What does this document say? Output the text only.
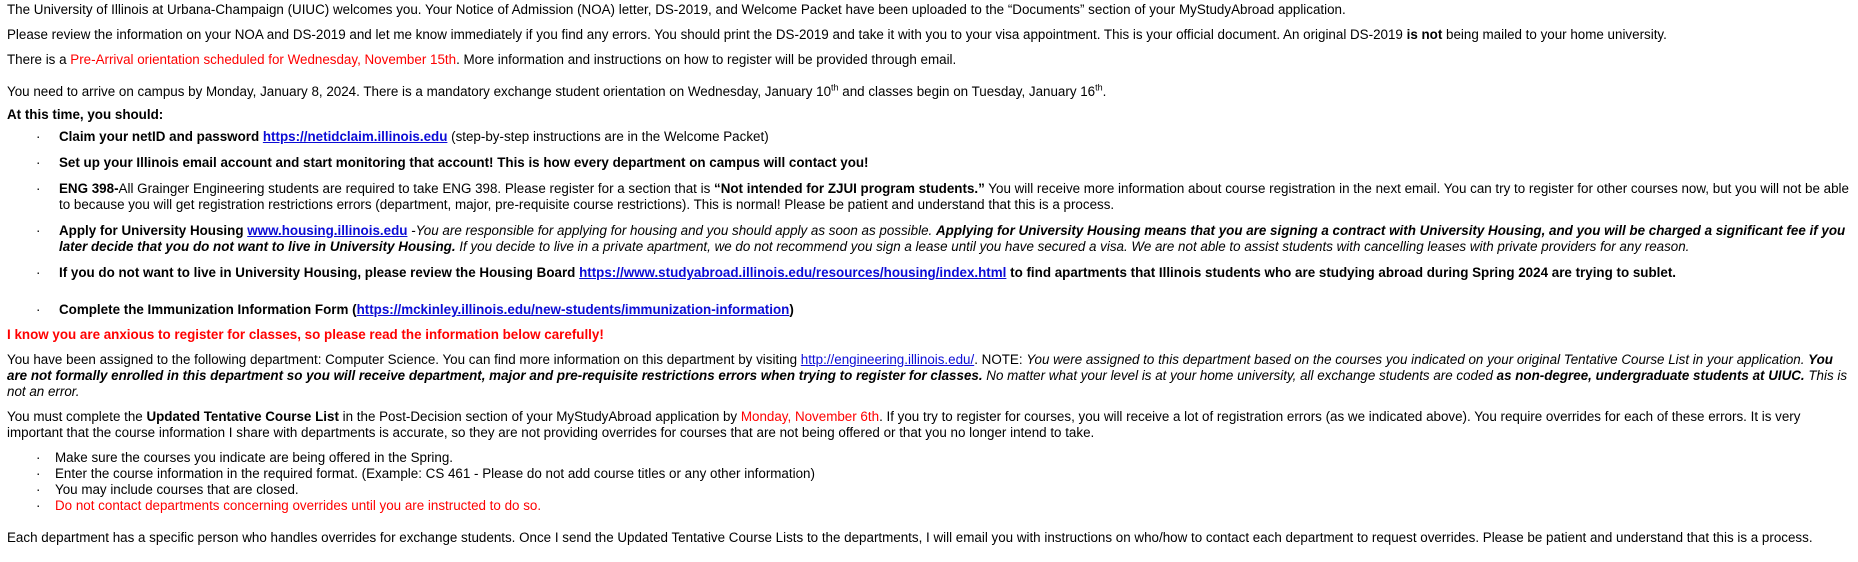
The University of Illinois at Urbana-Champaign (UIUC) welcomes you. Your Notice of Admission (NOA) letter, DS-2019, and Welcome Packet have been uploaded to the “Documents” section of your MyStudyAbroad application.

Please review the information on your NOA and DS-2019 and let me know immediately if you find any errors. You should print the DS-2019 and take it with you to your visa appointment. This is your official document. An original DS-2019 is not being mailed to your home university.

There is a Pre-Arrival orientation scheduled for Wednesday, November 15th. More information and instructions on how to register will be provided through email.

You need to arrive on campus by Monday, January 8, 2024. There is a mandatory exchange student orientation on Wednesday, January 10th and classes begin on Tuesday, January 16th.

At this time, you should:

· Claim your netID and password https://netidclaim.illinois.edu (step-by-step instructions are in the Welcome Packet)

· Set up your Illinois email account and start monitoring that account! This is how every department on campus will contact you!

· ENG 398-All Grainger Engineering students are required to take ENG 398. Please register for a section that is “Not intended for ZJUI program students.” You will receive more information about course registration in the next email. You can try to register for other courses now, but you will not be able to because you will get registration restrictions errors (department, major, pre-requisite course restrictions). This is normal! Please be patient and understand that this is a process.

· Apply for University Housing www.housing.illinois.edu -You are responsible for applying for housing and you should apply as soon as possible. Applying for University Housing means that you are signing a contract with University Housing, and you will be charged a significant fee if you later decide that you do not want to live in University Housing. If you decide to live in a private apartment, we do not recommend you sign a lease until you have secured a visa. We are not able to assist students with cancelling leases with private providers for any reason.

· If you do not want to live in University Housing, please review the Housing Board https://www.studyabroad.illinois.edu/resources/housing/index.html to find apartments that Illinois students who are studying abroad during Spring 2024 are trying to sublet.

· Complete the Immunization Information Form (https://mckinley.illinois.edu/new-students/immunization-information)

I know you are anxious to register for classes, so please read the information below carefully!

You have been assigned to the following department: Computer Science. You can find more information on this department by visiting http://engineering.illinois.edu/. NOTE: You were assigned to this department based on the courses you indicated on your original Tentative Course List in your application. You are not formally enrolled in this department so you will receive department, major and pre-requisite restrictions errors when trying to register for classes. No matter what your level is at your home university, all exchange students are coded as non-degree, undergraduate students at UIUC. This is not an error.

You must complete the Updated Tentative Course List in the Post-Decision section of your MyStudyAbroad application by Monday, November 6th. If you try to register for courses, you will receive a lot of registration errors (as we indicated above). You require overrides for each of these errors. It is very important that the course information I share with departments is accurate, so they are not providing overrides for courses that are not being offered or that you no longer intend to take.

· Make sure the courses you indicate are being offered in the Spring.

· Enter the course information in the required format. (Example: CS 461 - Please do not add course titles or any other information)

· You may include courses that are closed.

· Do not contact departments concerning overrides until you are instructed to do so.

Each department has a specific person who handles overrides for exchange students. Once I send the Updated Tentative Course Lists to the departments, I will email you with instructions on who/how to contact each department to request overrides. Please be patient and understand that this is a process.
